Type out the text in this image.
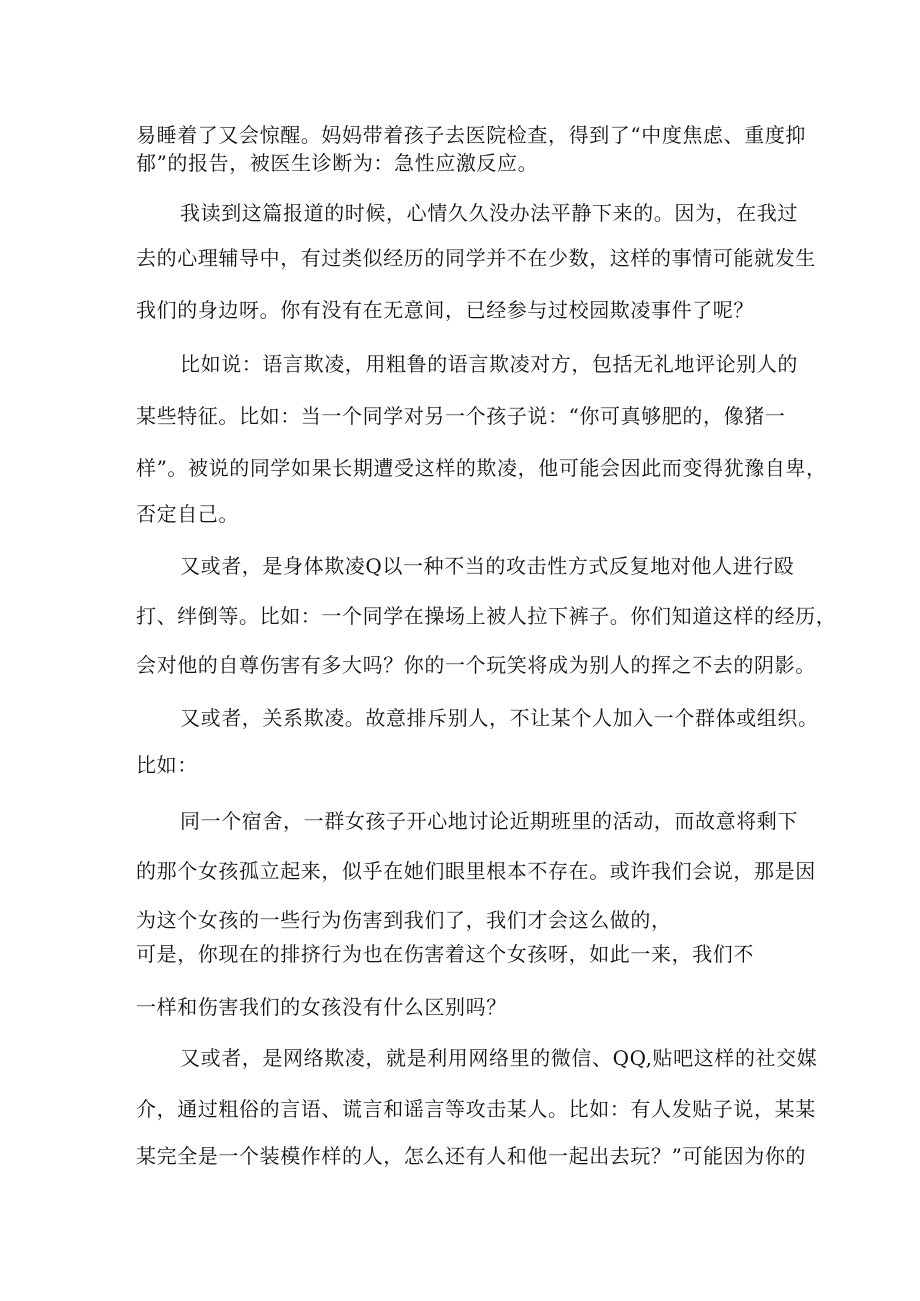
易睡着了又会惊醒。妈妈带着孩子去医院检查，得到了“中度焦虑、重度抑
郁”的报告，被医生诊断为：急性应激反应。
我读到这篇报道的时候，心情久久没办法平静下来的。因为，在我过
去的心理辅导中，有过类似经历的同学并不在少数，这样的事情可能就发生
我们的身边呀。你有没有在无意间，已经参与过校园欺凌事件了呢？
比如说：语言欺凌，用粗鲁的语言欺凌对方，包括无礼地评论别人的
某些特征。比如：当一个同学对另一个孩子说：“你可真够肥的，像猪一
样”。被说的同学如果长期遭受这样的欺凌，他可能会因此而变得犹豫自卑，
否定自己。
又或者，是身体欺凌Q以一种不当的攻击性方式反复地对他人进行殴
打、绊倒等。比如：一个同学在操场上被人拉下裤子。你们知道这样的经历，
会对他的自尊伤害有多大吗？你的一个玩笑将成为别人的挥之不去的阴影。
又或者，关系欺凌。故意排斥别人，不让某个人加入一个群体或组织。
比如：
同一个宿舍，一群女孩子开心地讨论近期班里的活动，而故意将剩下
的那个女孩孤立起来，似乎在她们眼里根本不存在。或许我们会说，那是因
为这个女孩的一些行为伤害到我们了，我们才会这么做的，
可是，你现在的排挤行为也在伤害着这个女孩呀，如此一来，我们不
一样和伤害我们的女孩没有什么区别吗？
又或者，是网络欺凌，就是利用网络里的微信、QQ,贴吧这样的社交媒
介，通过粗俗的言语、谎言和谣言等攻击某人。比如：有人发贴子说，某某
某完全是一个装模作样的人，怎么还有人和他一起出去玩？”可能因为你的
